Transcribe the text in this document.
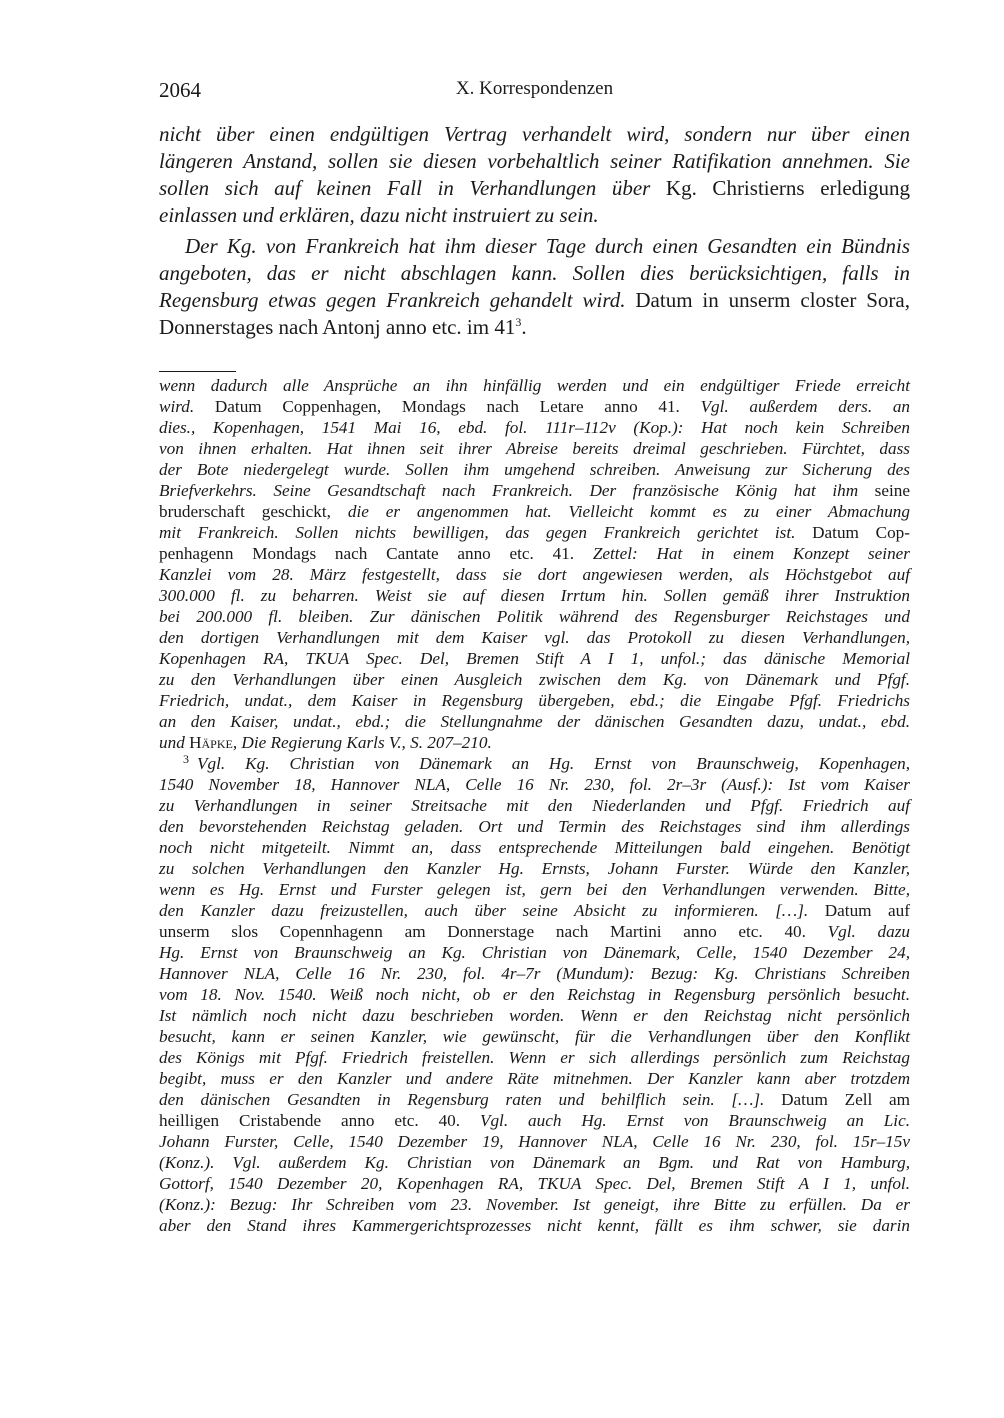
2064	X. Korrespondenzen
nicht über einen endgültigen Vertrag verhandelt wird, sondern nur über einen
längeren Anstand, sollen sie diesen vorbehaltlich seiner Ratifikation annehmen. Sie
sollen sich auf keinen Fall in Verhandlungen über Kg. Christierns erledigung
einlassen und erklären, dazu nicht instruiert zu sein.
Der Kg. von Frankreich hat ihm dieser Tage durch einen Gesandten ein Bündnis
angeboten, das er nicht abschlagen kann. Sollen dies berücksichtigen, falls in
Regensburg etwas gegen Frankreich gehandelt wird. Datum in unserm closter Sora,
Donnerstages nach Antonj anno etc. im $41^3$.
wenn dadurch alle Ansprüche an ihn hinfällig werden und ein endgültiger Friede erreicht
wird. Datum Coppenhagen, Mondags nach Letare anno 41. Vgl. außerdem ders. an
dies., Kopenhagen, 1541 Mai 16, ebd. fol. 111r–112v (Kop.): Hat noch kein Schreiben
von ihnen erhalten. Hat ihnen seit ihrer Abreise bereits dreimal geschrieben. Fürchtet, dass
der Bote niedergelegt wurde. Sollen ihm umgehend schreiben. Anweisung zur Sicherung des
Briefverkehrs. Seine Gesandtschaft nach Frankreich. Der französische König hat ihm seine
bruderschaft geschickt, die er angenommen hat. Vielleicht kommt es zu einer Abmachung
mit Frankreich. Sollen nichts bewilligen, das gegen Frankreich gerichtet ist. Datum Cop-
penhagenn Mondags nach Cantate anno etc. 41. Zettel: Hat in einem Konzept seiner
Kanzlei vom 28. März festgestellt, dass sie dort angewiesen werden, als Höchstgebot auf
300.000 fl. zu beharren. Weist sie auf diesen Irrtum hin. Sollen gemäß ihrer Instruktion
bei 200.000 fl. bleiben. Zur dänischen Politik während des Regensburger Reichstages und
den dortigen Verhandlungen mit dem Kaiser vgl. das Protokoll zu diesen Verhandlungen,
Kopenhagen RA, TKUA Spec. Del, Bremen Stift A I 1, unfol.; das dänische Memorial
zu den Verhandlungen über einen Ausgleich zwischen dem Kg. von Dänemark und Pfgf.
Friedrich, undat., dem Kaiser in Regensburg übergeben, ebd.; die Eingabe Pfgf. Friedrichs
an den Kaiser, undat., ebd.; die Stellungnahme der dänischen Gesandten dazu, undat., ebd.
und Häpke, Die Regierung Karls V., S. 207–210.
$^3$ Vgl. Kg. Christian von Dänemark an Hg. Ernst von Braunschweig, Kopenhagen,
1540 November 18, Hannover NLA, Celle 16 Nr. 230, fol. 2r–3r (Ausf.): Ist vom Kaiser
zu Verhandlungen in seiner Streitsache mit den Niederlanden und Pfgf. Friedrich auf
den bevorstehenden Reichstag geladen. Ort und Termin des Reichstages sind ihm allerdings
noch nicht mitgeteilt. Nimmt an, dass entsprechende Mitteilungen bald eingehen. Benötigt
zu solchen Verhandlungen den Kanzler Hg. Ernsts, Johann Furster. Würde den Kanzler,
wenn es Hg. Ernst und Furster gelegen ist, gern bei den Verhandlungen verwenden. Bitte,
den Kanzler dazu freizustellen, auch über seine Absicht zu informieren. […]. Datum auf
unserm slos Copennhagenn am Donnerstage nach Martini anno etc. 40. Vgl. dazu
Hg. Ernst von Braunschweig an Kg. Christian von Dänemark, Celle, 1540 Dezember 24,
Hannover NLA, Celle 16 Nr. 230, fol. 4r–7r (Mundum): Bezug: Kg. Christians Schreiben
vom 18. Nov. 1540. Weiß noch nicht, ob er den Reichstag in Regensburg persönlich besucht.
Ist nämlich noch nicht dazu beschrieben worden. Wenn er den Reichstag nicht persönlich
besucht, kann er seinen Kanzler, wie gewünscht, für die Verhandlungen über den Konflikt
des Königs mit Pfgf. Friedrich freistellen. Wenn er sich allerdings persönlich zum Reichstag
begibt, muss er den Kanzler und andere Räte mitnehmen. Der Kanzler kann aber trotzdem
den dänischen Gesandten in Regensburg raten und behilflich sein. […]. Datum Zell am
heilligen Cristabende anno etc. 40. Vgl. auch Hg. Ernst von Braunschweig an Lic.
Johann Furster, Celle, 1540 Dezember 19, Hannover NLA, Celle 16 Nr. 230, fol. 15r–15v
(Konz.). Vgl. außerdem Kg. Christian von Dänemark an Bgm. und Rat von Hamburg,
Gottorf, 1540 Dezember 20, Kopenhagen RA, TKUA Spec. Del, Bremen Stift A I 1, unfol.
(Konz.): Bezug: Ihr Schreiben vom 23. November. Ist geneigt, ihre Bitte zu erfüllen. Da er
aber den Stand ihres Kammergerichtsprozesses nicht kennt, fällt es ihm schwer, sie darin
